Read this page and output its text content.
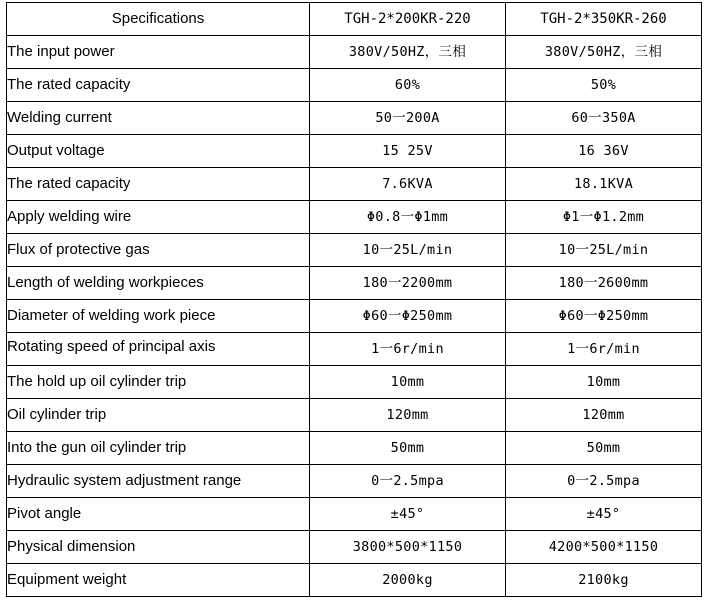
Specifications	TGH-2*200KR-220	TGH-2*350KR-260
The input power	380V/50HZ，三相	380V/50HZ，三相
The rated capacity	60%	50%
Welding current	50一200A	60一350A
Output voltage	15 25V	16 36V
The rated capacity	7.6KVA	18.1KVA
Apply welding wire	Φ0.8一Φ1mm	Φ1一Φ1.2mm
Flux of protective gas	10一25L/min	10一25L/min
Length of welding workpieces	180一2200mm	180一2600mm
Diameter of welding work piece	Φ60一Φ250mm	Φ60一Φ250mm
Rotating speed of principal axis	1一6r/min	1一6r/min
The hold up oil cylinder trip	10mm	10mm
Oil cylinder trip	120mm	120mm
Into the gun oil cylinder trip	50mm	50mm
Hydraulic system adjustment range	0一2.5mpa	0一2.5mpa
Pivot angle	±45°	±45°
Physical dimension	3800*500*1150	4200*500*1150
Equipment weight	2000kg	2100kg
